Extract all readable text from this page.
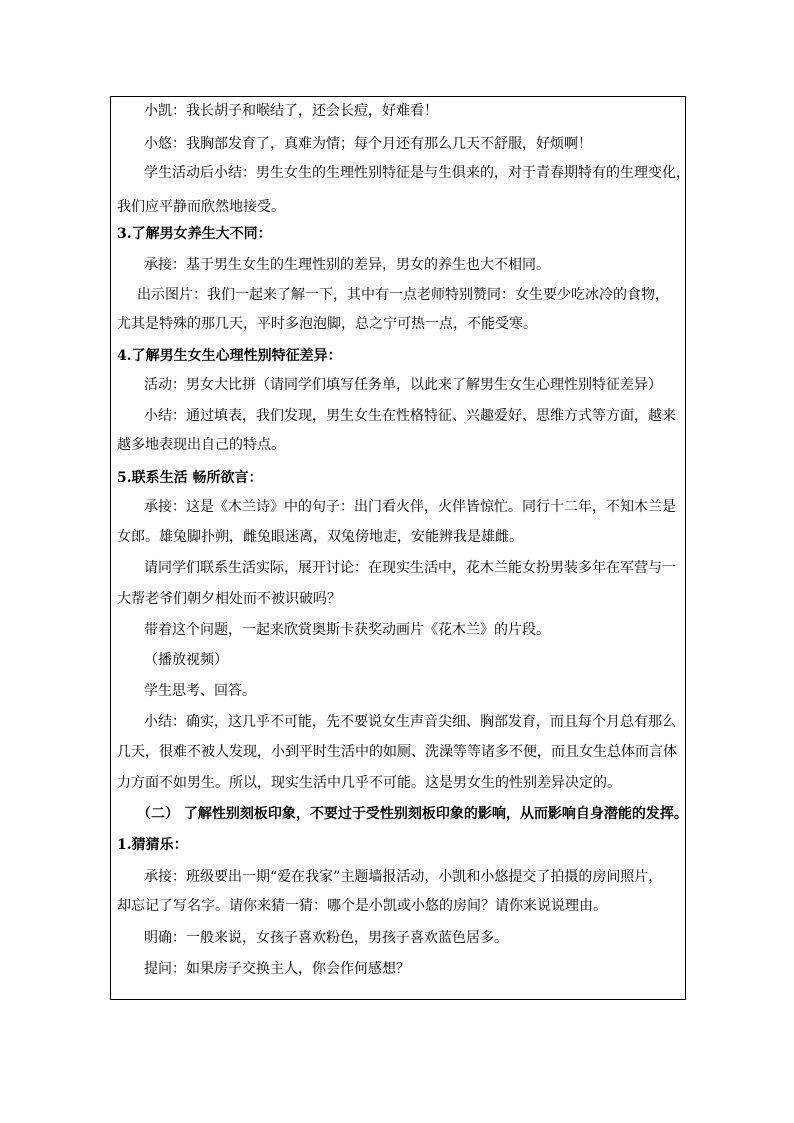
小凯：我长胡子和喉结了，还会长痘，好难看！
小悠：我胸部发育了，真难为情；每个月还有那么几天不舒服，好烦啊！
学生活动后小结：男生女生的生理性别特征是与生俱来的，对于青春期特有的生理变化，
我们应平静而欣然地接受。
3.了解男女养生大不同：
承接：基于男生女生的生理性别的差异，男女的养生也大不相同。
出示图片：我们一起来了解一下，其中有一点老师特别赞同：女生要少吃冰冷的食物，
尤其是特殊的那几天，平时多泡泡脚，总之宁可热一点，不能受寒。
4.了解男生女生心理性别特征差异：
活动：男女大比拼（请同学们填写任务单，以此来了解男生女生心理性别特征差异）
小结：通过填表，我们发现，男生女生在性格特征、兴趣爱好、思维方式等方面，越来
越多地表现出自己的特点。
5.联系生活 畅所欲言：
承接：这是《木兰诗》中的句子：出门看火伴，火伴皆惊忙。同行十二年，不知木兰是
女郎。雄兔脚扑朔，雌兔眼迷离，双兔傍地走，安能辨我是雄雌。
请同学们联系生活实际，展开讨论：在现实生活中，花木兰能女扮男装多年在军营与一
大帮老爷们朝夕相处而不被识破吗？
带着这个问题，一起来欣赏奥斯卡获奖动画片《花木兰》的片段。
（播放视频）
学生思考、回答。
小结：确实，这几乎不可能，先不要说女生声音尖细、胸部发育，而且每个月总有那么
几天，很难不被人发现，小到平时生活中的如厕、洗澡等等诸多不便，而且女生总体而言体
力方面不如男生。所以，现实生活中几乎不可能。这是男女生的性别差异决定的。
（二） 了解性别刻板印象，不要过于受性别刻板印象的影响，从而影响自身潜能的发挥。
1.猜猜乐：
承接：班级要出一期“爱在我家”主题墙报活动，小凯和小悠提交了拍摄的房间照片，
却忘记了写名字。请你来猜一猜：哪个是小凯或小悠的房间？请你来说说理由。
明确：一般来说，女孩子喜欢粉色，男孩子喜欢蓝色居多。
提问：如果房子交换主人，你会作何感想？
